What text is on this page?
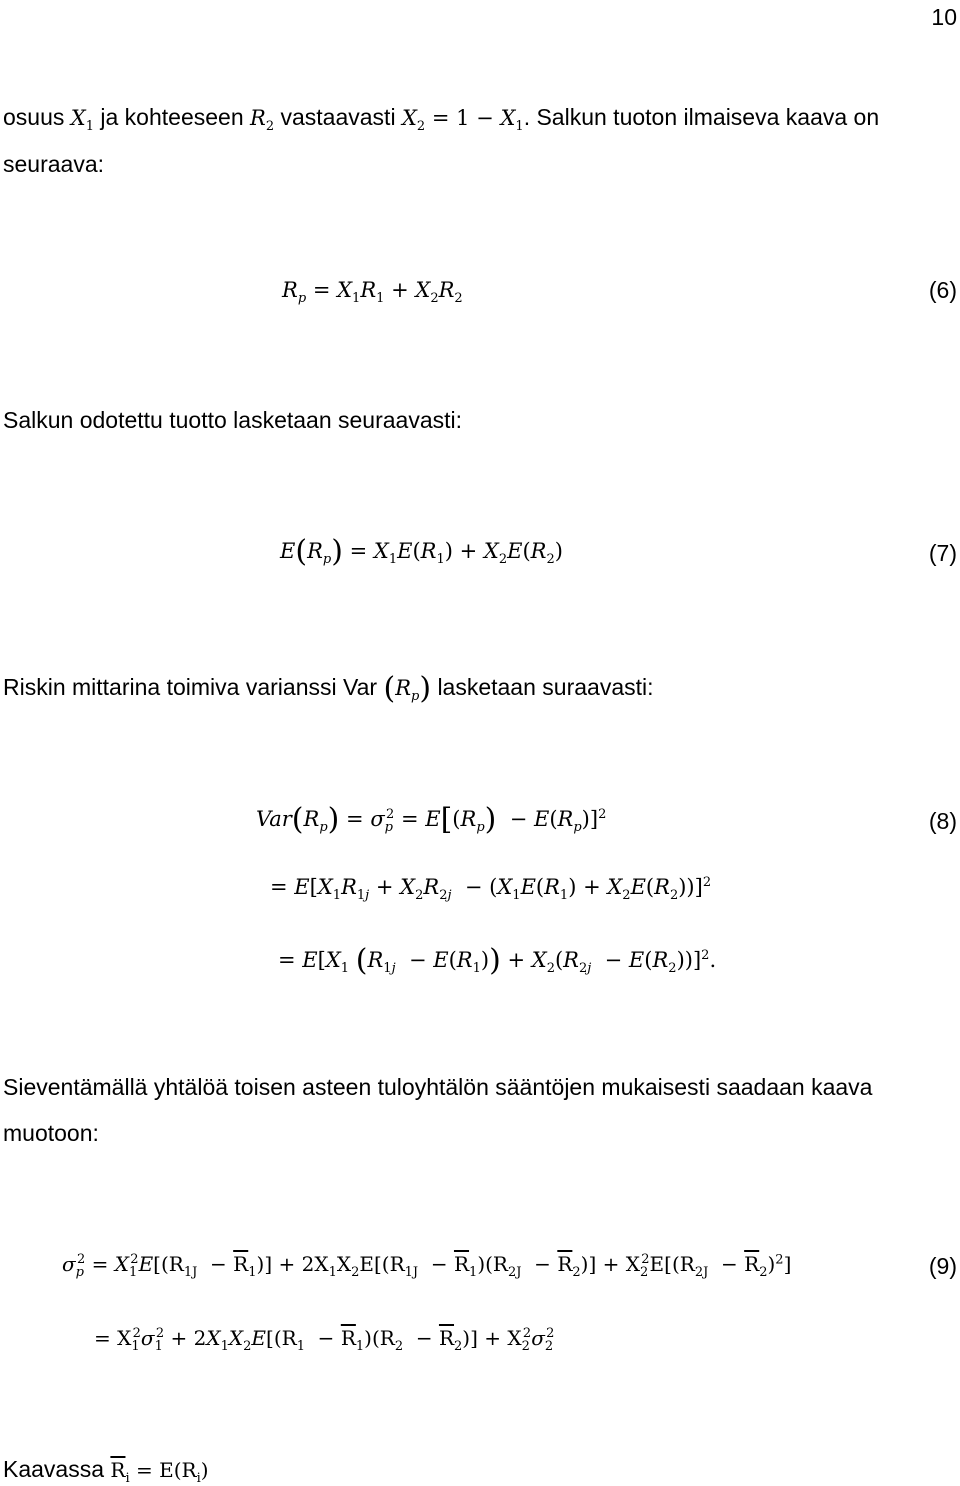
10
osuus $X_1$ ja kohteeseen $R_2$ vastaavasti $X_2 = 1 - X_1$. Salkun tuoton ilmaiseva kaava on
seuraava:
$R_p = X_1R_1 + X_2R_2$	(6)
Salkun odotettu tuotto lasketaan seuraavasti:
$E(R_p) = X_1E(R_1) + X_2E(R_2)$	(7)
Riskin mittarina toimiva varianssi Var $(R_p)$ lasketaan suraavasti:
$Var(R_p) = \sigma_p^2 = E[(R_p) - E(R_p)]^2$	(8)
= $E[X_1R_{1j} + X_2R_{2j} - (X_1E(R_1) + X_2E(R_2))]^2$
= $E[X_1$ $(R_{1j} - E(R_1)) + X_2(R_{2j} - E(R_2))]^2$.
Sieventämällä yhtälöä toisen asteen tuloyhtälön sääntöjen mukaisesti saadaan kaava
muotoon:
$\sigma_p^2 = X_1^2E[(R_{1J} - \overline{R}_1)] + 2X_1X_2E[(R_{1J} - \overline{R}_1)(R_{2J} - \overline{R}_2)] + X_2^2E[(R_{2J} - \overline{R}_2)^2]$	(9)
= $X_1^2\sigma_1^2 + 2X_1X_2E[(R_1 - \overline{R}_1)(R_2 - \overline{R}_2)] + X_2^2\sigma_2^2$
Kaavassa $\overline{R}_i = E(R_i)$
